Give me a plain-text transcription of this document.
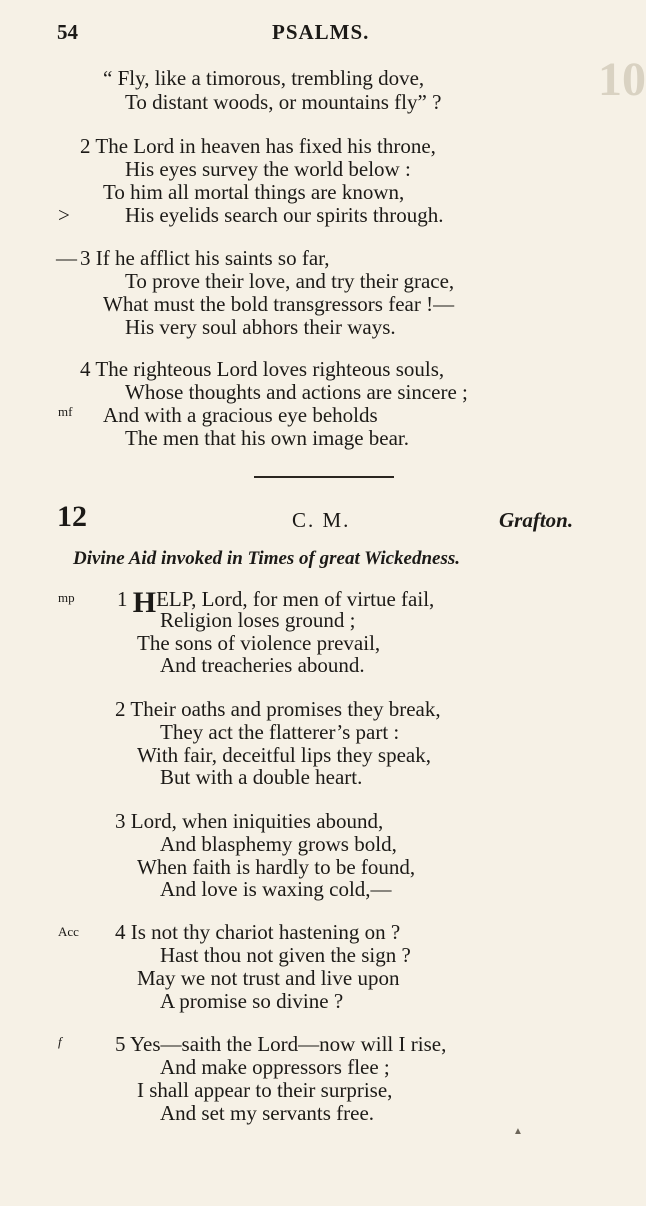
54	PSALMS.
10
“ Fly, like a timorous, trembling dove,
To distant woods, or mountains fly” ?
2 The Lord in heaven has fixed his throne,
His eyes survey the world below :
To him all mortal things are known,
>	His eyelids search our spirits through.
— 3 If he afflict his saints so far,
To prove their love, and try their grace,
What must the bold transgressors fear !—
His very soul abhors their ways.
4 The righteous Lord loves righteous souls,
Whose thoughts and actions are sincere ;
mf And with a gracious eye beholds
The men that his own image bear.
12	C. M.	Grafton.
Divine Aid invoked in Times of great Wickedness.
mp 1 HELP, Lord, for men of virtue fail,
Religion loses ground ;
The sons of violence prevail,
And treacheries abound.
2 Their oaths and promises they break,
They act the flatterer’s part :
With fair, deceitful lips they speak,
But with a double heart.
3 Lord, when iniquities abound,
And blasphemy grows bold,
When faith is hardly to be found,
And love is waxing cold,—
Acc 4 Is not thy chariot hastening on ?
Hast thou not given the sign ?
May we not trust and live upon
A promise so divine ?
f	5 Yes—saith the Lord—now will I rise,
And make oppressors flee ;
I shall appear to their surprise,
And set my servants free.
▲
